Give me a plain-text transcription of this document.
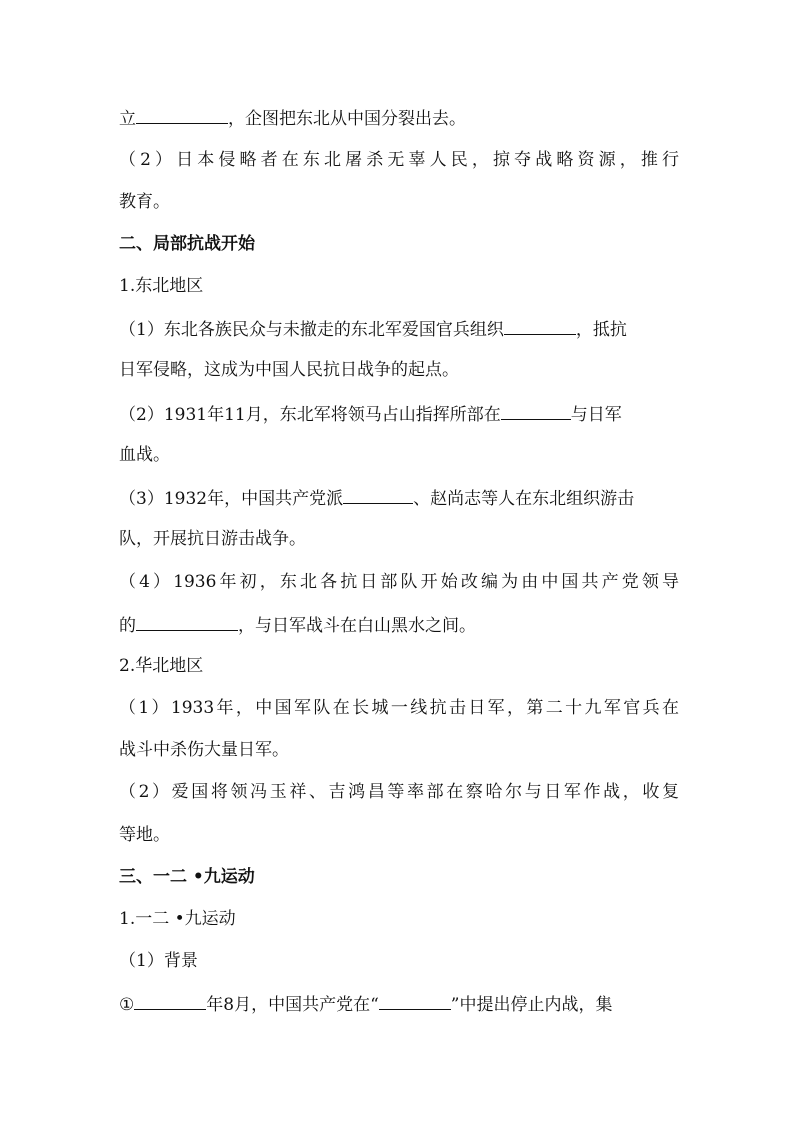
立	，企图把东北从中国分裂出去。
（2）日本侵略者在东北屠杀无辜人民，掠夺战略资源，推行
教育。
二、局部抗战开始
1.东北地区
（1）东北各族民众与未撤走的东北军爱国官兵组织	，抵抗
日军侵略，这成为中国人民抗日战争的起点。
（2）1931年11月，东北军将领马占山指挥所部在	与日军
血战。
（3）1932年，中国共产党派	、赵尚志等人在东北组织游击
队，开展抗日游击战争。
（4）1936年初，东北各抗日部队开始改编为由中国共产党领导
的	，与日军战斗在白山黑水之间。
2.华北地区
（1）1933年，中国军队在长城一线抗击日军，第二十九军官兵在
战斗中杀伤大量日军。
（2）爱国将领冯玉祥、吉鸿昌等率部在察哈尔与日军作战，收复
等地。
三、一二 •九运动
1.一二 •九运动
（1）背景
①	年8月，中国共产党在“	”中提出停止内战，集
